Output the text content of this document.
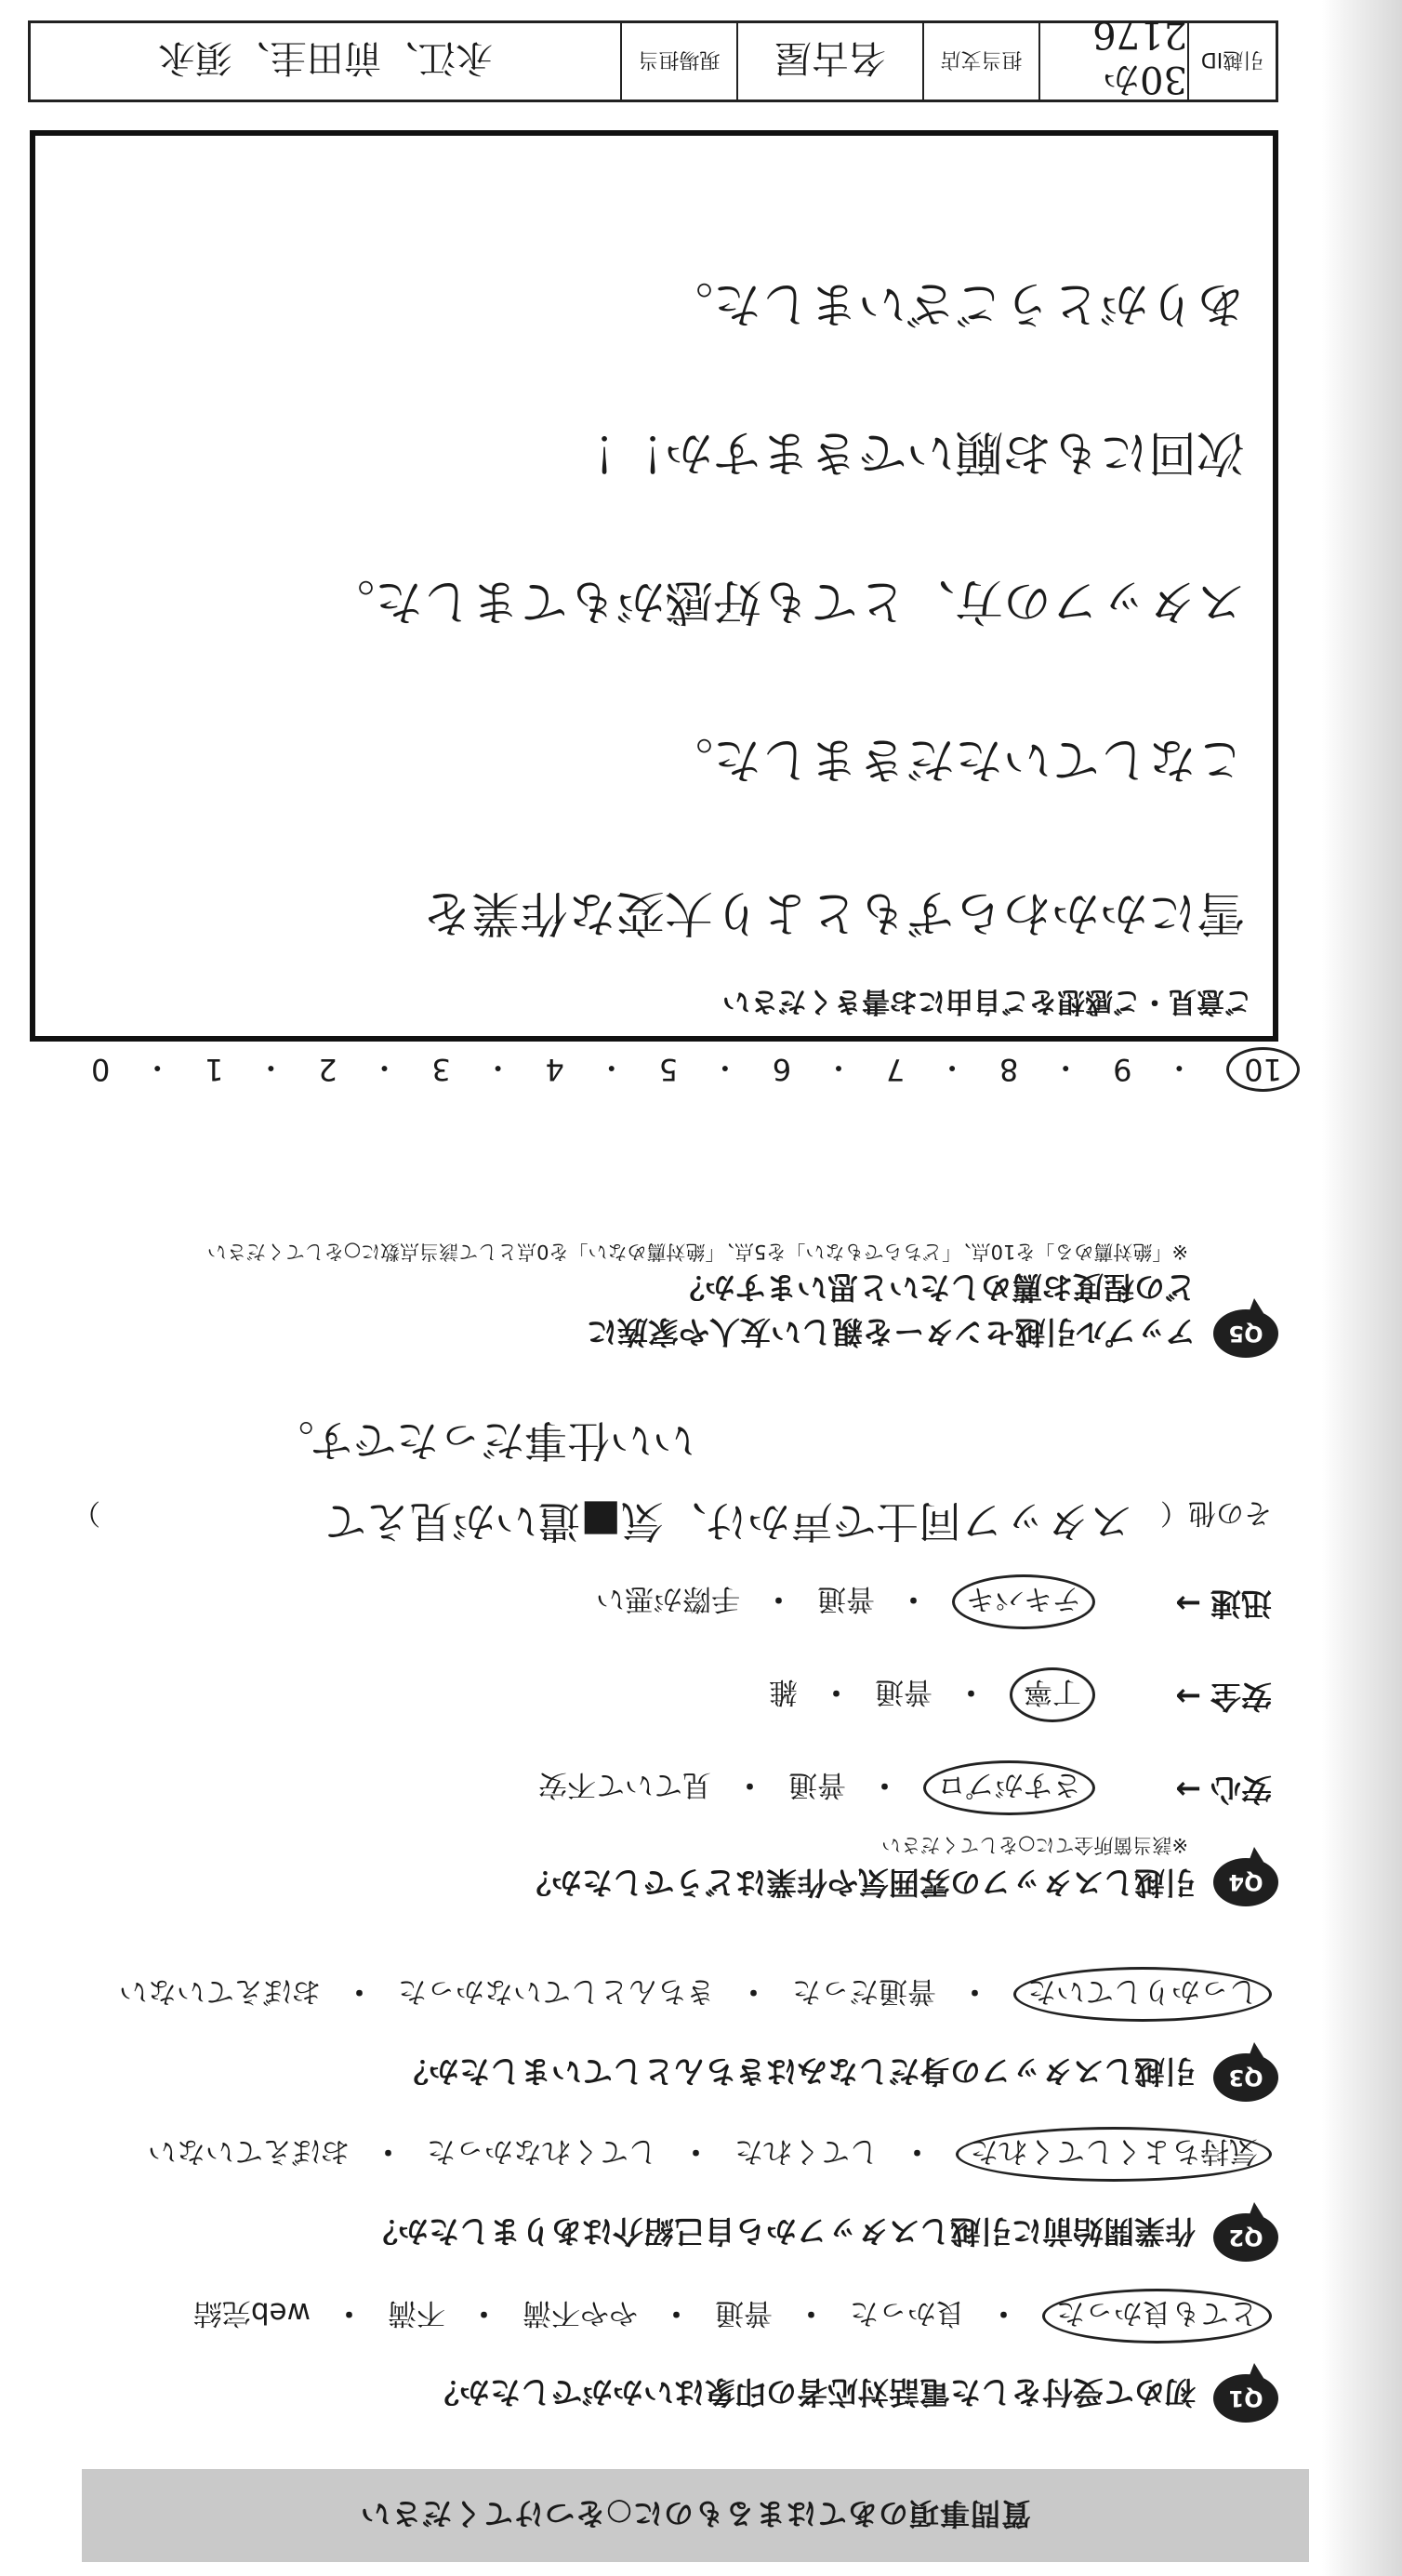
質問事項のあてはまるものに○をつけてください
Q1
初めて受付をした電話対応者の印象はいかがでしたか？
とても良かった
・
良かった
・
普通
・
やや不満
・
不満
・
web完結
Q2
作業開始前に引越しスタッフから自己紹介はありましたか？
気持ちよくしてくれた
・
してくれた
・
してくれなかった
・
おぼえていない
Q3
引越しスタッフの身だしなみはきちんとしていましたか？
しっかりしていた
・
普通だった
・
きちんとしていなかった
・
おぼえていない
Q4
引越しスタッフの雰囲気や作業はどうでしたか？
※該当箇所全てに○をしてください
安心→
さすがプロ
・
普通
・
見ていて不安
安全→
丁寧
・
普通
・
雑
迅速→
テキパキ
・
普通
・
手際が悪い
その他（
スタッフ同士で声かけ、気■遣いが見えて
）
いい仕事だったです。
Q5
アップル引越センターを親しい友人や家族に
どの程度お薦めしたいと思いますか？
※「絶対薦める」を10点、「どちらでもない」を5点、「絶対薦めない」を0点として該当点数に○をしてください
10
・
9
・
8
・
7
・
6
・
5
・
4
・
3
・
2
・
1
・
0
ご意見・ご感想をご自由にお書きください
雪にかかわらずもとより大変な作業を
こなしていただきました。
スタッフの方、とても好感がもてました。
次回にもお願いできますか！！
ありがとうございました。
引越ID
30か2176
担当支店
名古屋
現場担当
永江、前田圭、須永
